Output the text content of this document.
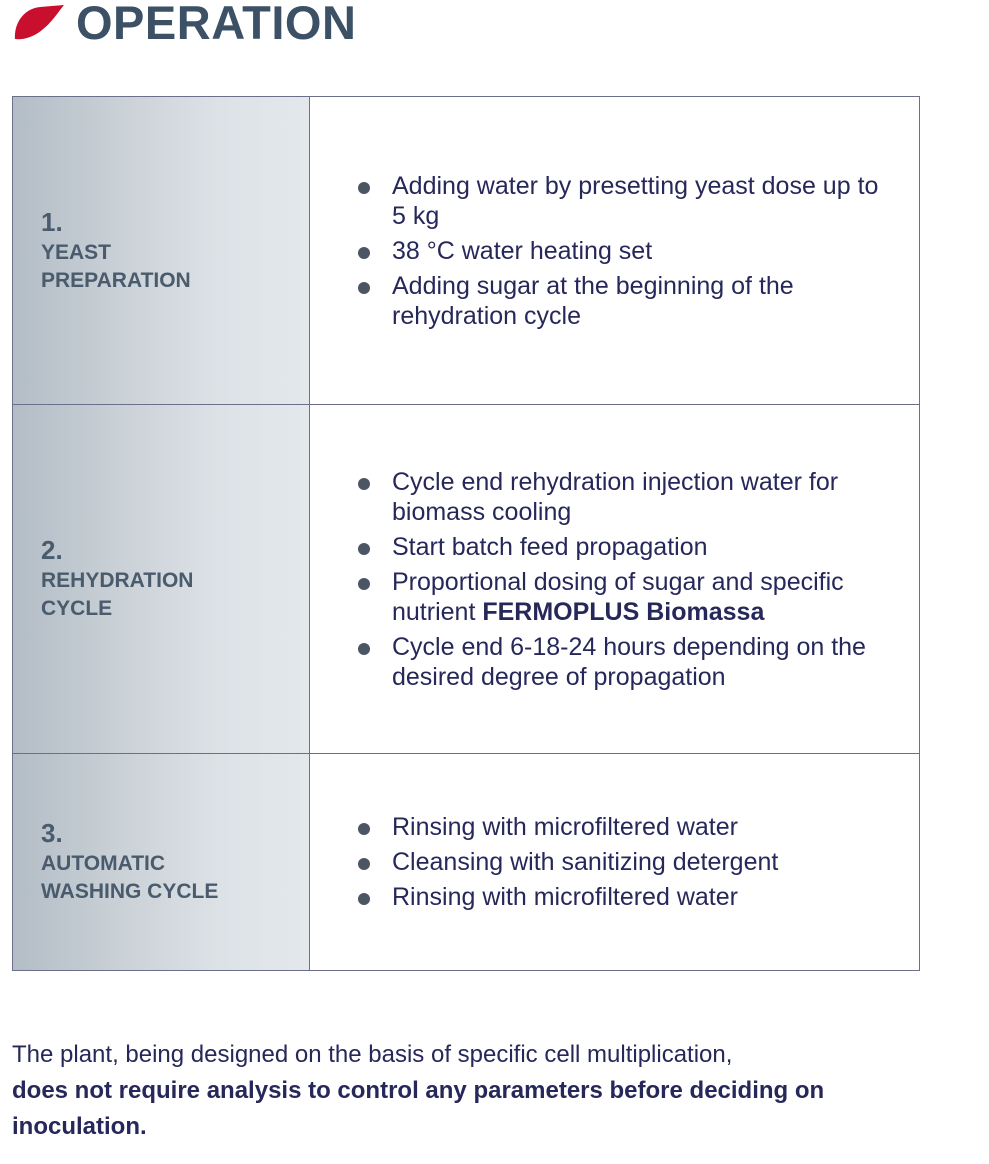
OPERATION
1.
YEAST
PREPARATION
Adding water by presetting yeast dose up to 5 kg
38 °C water heating set
Adding sugar at the beginning of the rehydration cycle
2.
REHYDRATION
CYCLE
Cycle end rehydration injection water for biomass cooling
Start batch feed propagation
Proportional dosing of sugar and specific nutrient FERMOPLUS Biomassa
Cycle end 6-18-24 hours depending on the desired degree of propagation
3.
AUTOMATIC
WASHING CYCLE
Rinsing with microfiltered water
Cleansing with sanitizing detergent
Rinsing with microfiltered water
The plant, being designed on the basis of specific cell multiplication,
does not require analysis to control any parameters before deciding on inoculation.
